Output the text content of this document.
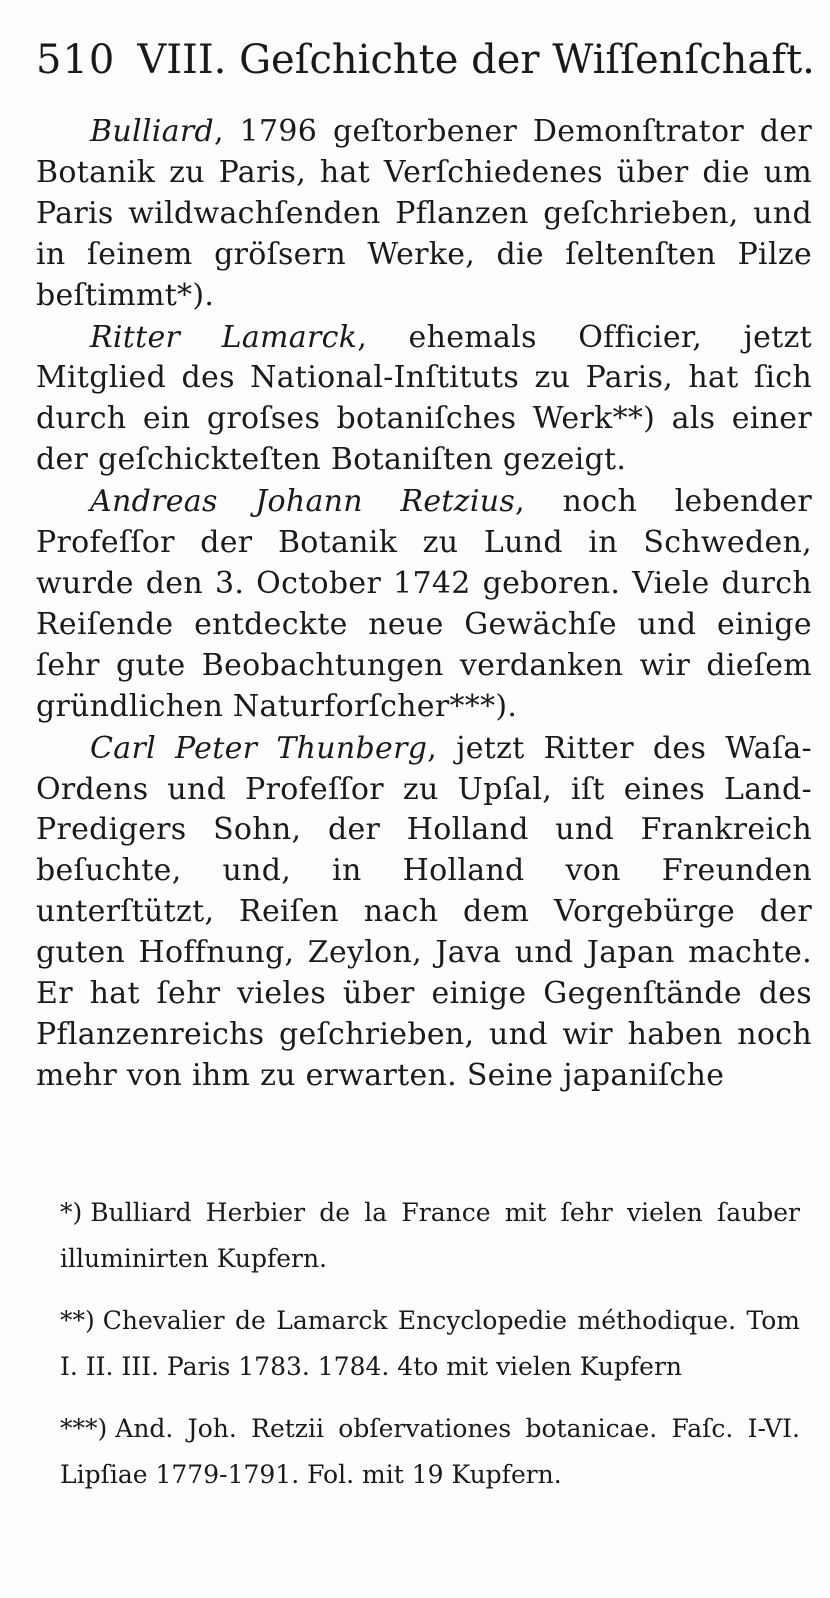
510 VIII. Geſchichte der Wiſſenſchaft.

Bulliard, 1796 geſtorbener Demonſtrator der Botanik zu Paris, hat Verſchiedenes über die um Paris wildwachſenden Pflanzen geſchrieben, und in ſeinem gröſsern Werke, die ſeltenſten Pilze beſtimmt*).

Ritter Lamarck, ehemals Officier, jetzt Mitglied des National-Inſtituts zu Paris, hat ſich durch ein groſses botaniſches Werk**) als einer der geſchickteſten Botaniſten gezeigt.

Andreas Johann Retzius, noch lebender Profeſſor der Botanik zu Lund in Schweden, wurde den 3. October 1742 geboren. Viele durch Reiſende entdeckte neue Gewächſe und einige ſehr gute Beobachtungen verdanken wir dieſem gründlichen Naturforſcher***).

Carl Peter Thunberg, jetzt Ritter des Waſa-Ordens und Profeſſor zu Upſal, iſt eines Land-Predigers Sohn, der Holland und Frankreich beſuchte, und, in Holland von Freunden unterſtützt, Reiſen nach dem Vorgebürge der guten Hoffnung, Zeylon, Java und Japan machte. Er hat ſehr vieles über einige Gegenſtände des Pflanzenreichs geſchrieben, und wir haben noch mehr von ihm zu erwarten. Seine japaniſche

*) Bulliard Herbier de la France mit ſehr vielen ſauber illuminirten Kupfern.

**) Chevalier de Lamarck Encyclopedie méthodique. Tom I. II. III. Paris 1783. 1784. 4to mit vielen Kupfern

***) And. Joh. Retzii obſervationes botanicae. Faſc. I-VI. Lipſiae 1779-1791. Fol. mit 19 Kupfern.
